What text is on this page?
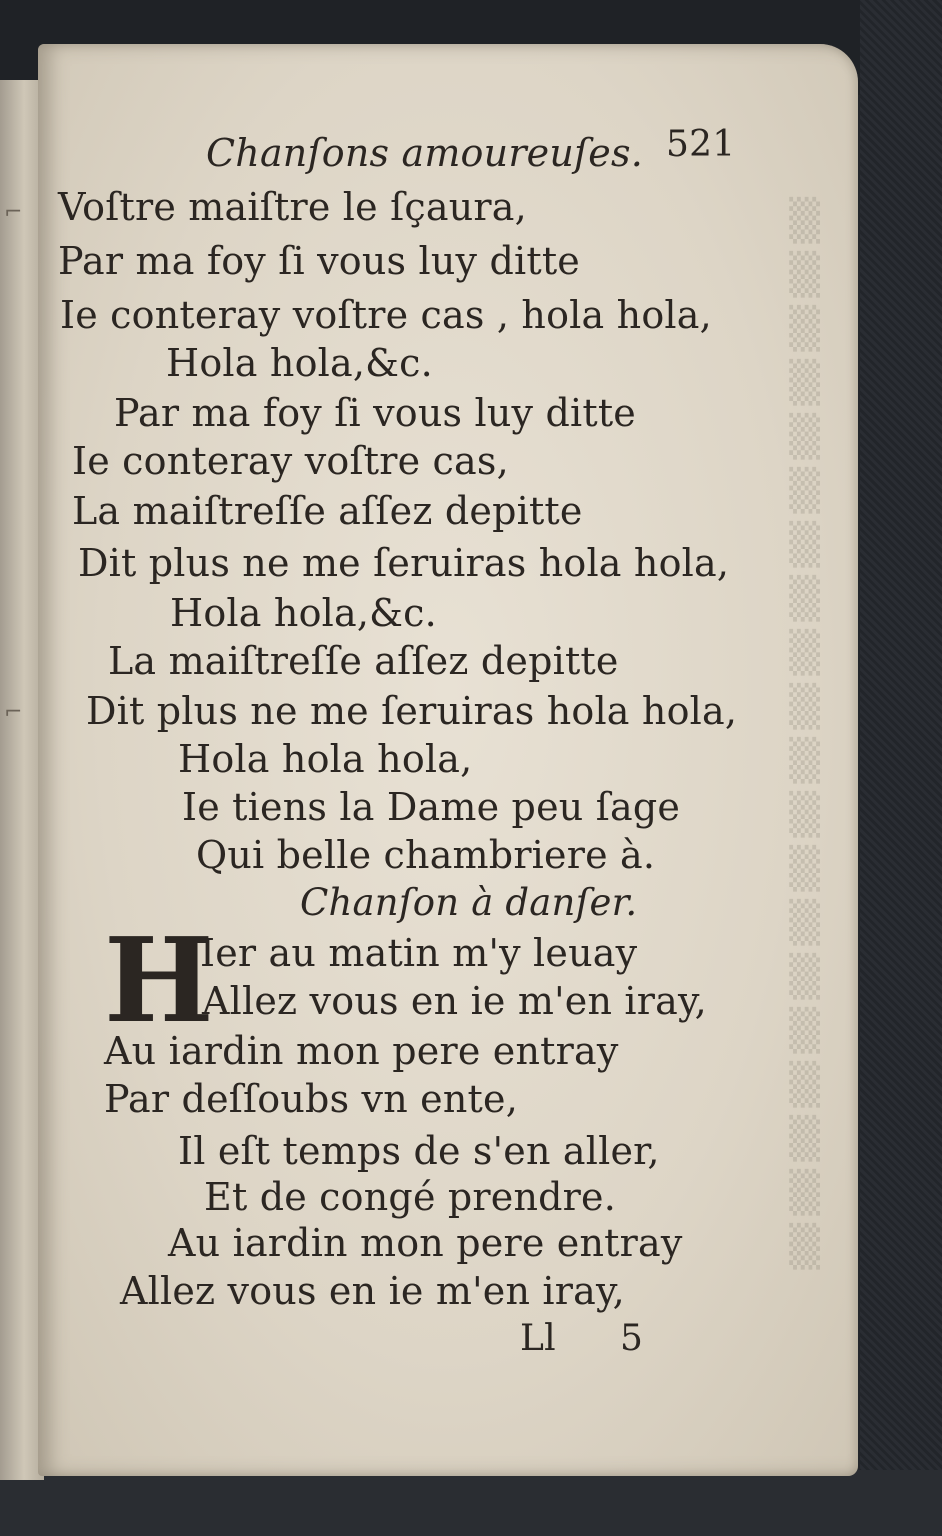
⌐
⌐
▒
▒
▒
▒
▒
▒
▒
▒
▒
▒
▒
▒
▒
▒
▒
▒
▒
▒
▒
▒
Chanſons amoureuſes. 521
Voſtre maiſtre le ſçaura,
Par ma foy ſi vous luy ditte
Ie conteray voſtre cas , hola hola,
Hola hola,&c.
Par ma foy ſi vous luy ditte
Ie conteray voſtre cas,
La maiſtreſſe aſſez depitte
Dit plus ne me ſeruiras hola hola,
Hola hola,&c.
La maiſtreſſe aſſez depitte
Dit plus ne me ſeruiras hola hola,
Hola hola hola,
Ie tiens la Dame peu ſage
Qui belle chambriere à.
Chanſon à danſer.
H
Ier au matin m'y leuay
Allez vous en ie m'en iray,
Au iardin mon pere entray
Par deſſoubs vn ente,
Il eſt temps de s'en aller,
Et de congé prendre.
Au iardin mon pere entray
Allez vous en ie m'en iray,
Ll 5
